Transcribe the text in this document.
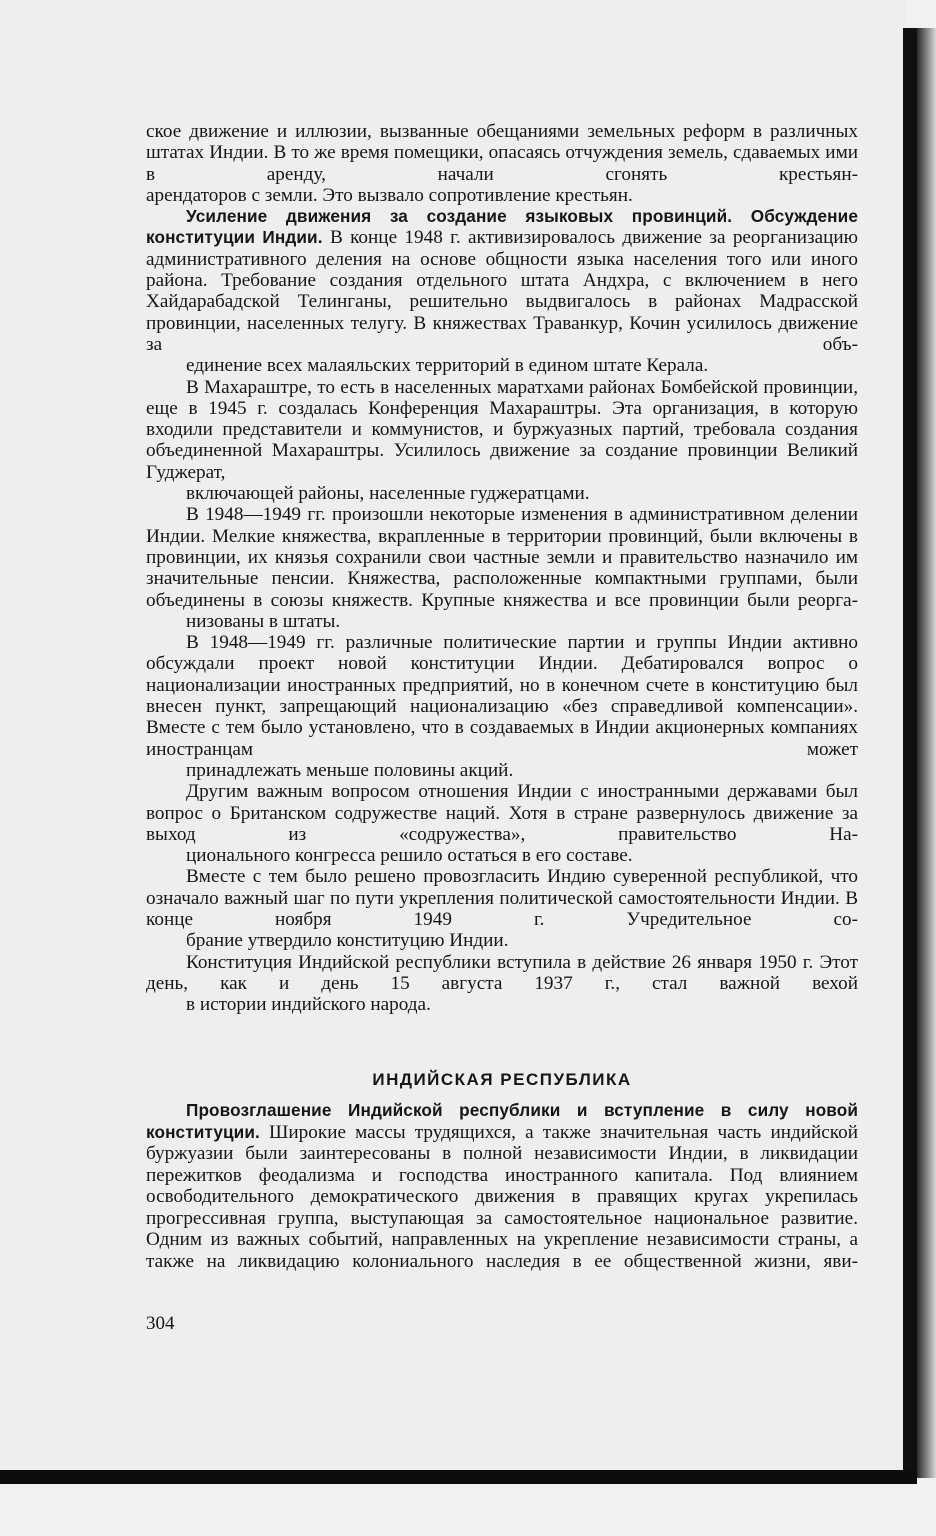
ское движение и иллюзии, вызванные обещаниями земельных реформ в различных штатах Индии. В то же время помещики, опасаясь отчуждения земель, сдаваемых ими в аренду, начали сгонять крестьян-
арендаторов с земли. Это вызвало сопротивление крестьян.

Усиление движения за создание языковых провинций. Обсуждение конституции Индии. В конце 1948 г. активизировалось движение за реорганизацию административного деления на основе общности языка населения того или иного района. Требование создания отдельного штата Андхра, с включением в него Хайдарабадской Телинганы, решительно выдвигалось в районах Мадрасской провинции, населенных телугу. В княжествах Траванкур, Кочин усилилось движение за объ-
единение всех малаяльских территорий в едином штате Керала.

В Махараштре, то есть в населенных маратхами районах Бомбейской провинции, еще в 1945 г. создалась Конференция Махараштры. Эта организация, в которую входили представители и коммунистов, и буржуазных партий, требовала создания объединенной Махараштры. Усилилось движение за создание провинции Великий Гуджерат,
включающей районы, населенные гуджератцами.

В 1948—1949 гг. произошли некоторые изменения в административном делении Индии. Мелкие княжества, вкрапленные в территории провинций, были включены в провинции, их князья сохранили свои частные земли и правительство назначило им значительные пенсии. Княжества, расположенные компактными группами, были объединены в союзы княжеств. Крупные княжества и все провинции были реорга-
низованы в штаты.

В 1948—1949 гг. различные политические партии и группы Индии активно обсуждали проект новой конституции Индии. Дебатировался вопрос о национализации иностранных предприятий, но в конечном счете в конституцию был внесен пункт, запрещающий национализацию «без справедливой компенсации». Вместе с тем было установлено, что в создаваемых в Индии акционерных компаниях иностранцам может
принадлежать меньше половины акций.

Другим важным вопросом отношения Индии с иностранными державами был вопрос о Британском содружестве наций. Хотя в стране развернулось движение за выход из «содружества», правительство На-
ционального конгресса решило остаться в его составе.

Вместе с тем было решено провозгласить Индию суверенной республикой, что означало важный шаг по пути укрепления политической самостоятельности Индии. В конце ноября 1949 г. Учредительное со-
брание утвердило конституцию Индии.

Конституция Индийской республики вступила в действие 26 января 1950 г. Этот день, как и день 15 августа 1937 г., стал важной вехой
в истории индийского народа.

ИНДИЙСКАЯ РЕСПУБЛИКА

Провозглашение Индийской республики и вступление в силу новой конституции. Широкие массы трудящихся, а также значительная часть индийской буржуазии были заинтересованы в полной независимости Индии, в ликвидации пережитков феодализма и господства иностранного капитала. Под влиянием освободительного демократического движения в правящих кругах укрепилась прогрессивная группа, выступающая за самостоятельное национальное развитие. Одним из важных событий, направленных на укрепление независимости страны, а также на ликвидацию колониального наследия в ее общественной жизни, яви-

304
